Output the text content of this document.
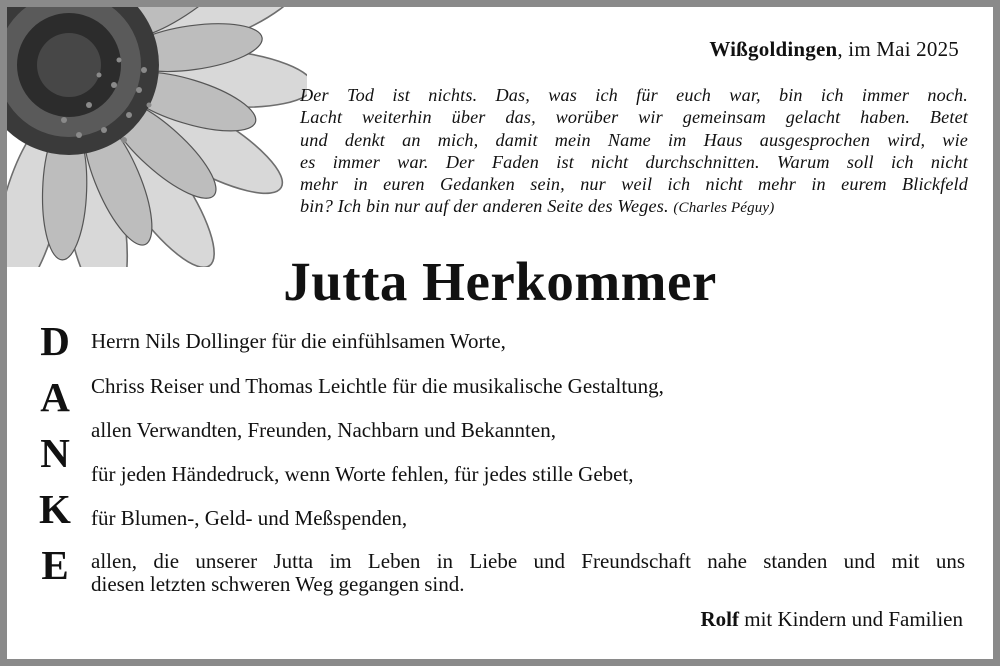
Wißgoldingen, im Mai 2025
Der Tod ist nichts. Das, was ich für euch war, bin ich immer noch.
Lacht weiterhin über das, worüber wir gemeinsam gelacht haben. Betet
und denkt an mich, damit mein Name im Haus ausgesprochen wird, wie
es immer war. Der Faden ist nicht durchschnitten. Warum soll ich nicht
mehr in euren Gedanken sein, nur weil ich nicht mehr in eurem Blickfeld
bin? Ich bin nur auf der anderen Seite des Weges. (Charles Péguy)
Jutta Herkommer
D
A
N
K
E
Herrn Nils Dollinger für die einfühlsamen Worte,
Chriss Reiser und Thomas Leichtle für die musikalische Gestaltung,
allen Verwandten, Freunden, Nachbarn und Bekannten,
für jeden Händedruck, wenn Worte fehlen, für jedes stille Gebet,
für Blumen-, Geld- und Meßspenden,
allen, die unserer Jutta im Leben in Liebe und Freundschaft nahe standen und mit uns
diesen letzten schweren Weg gegangen sind.
Rolf mit Kindern und Familien
